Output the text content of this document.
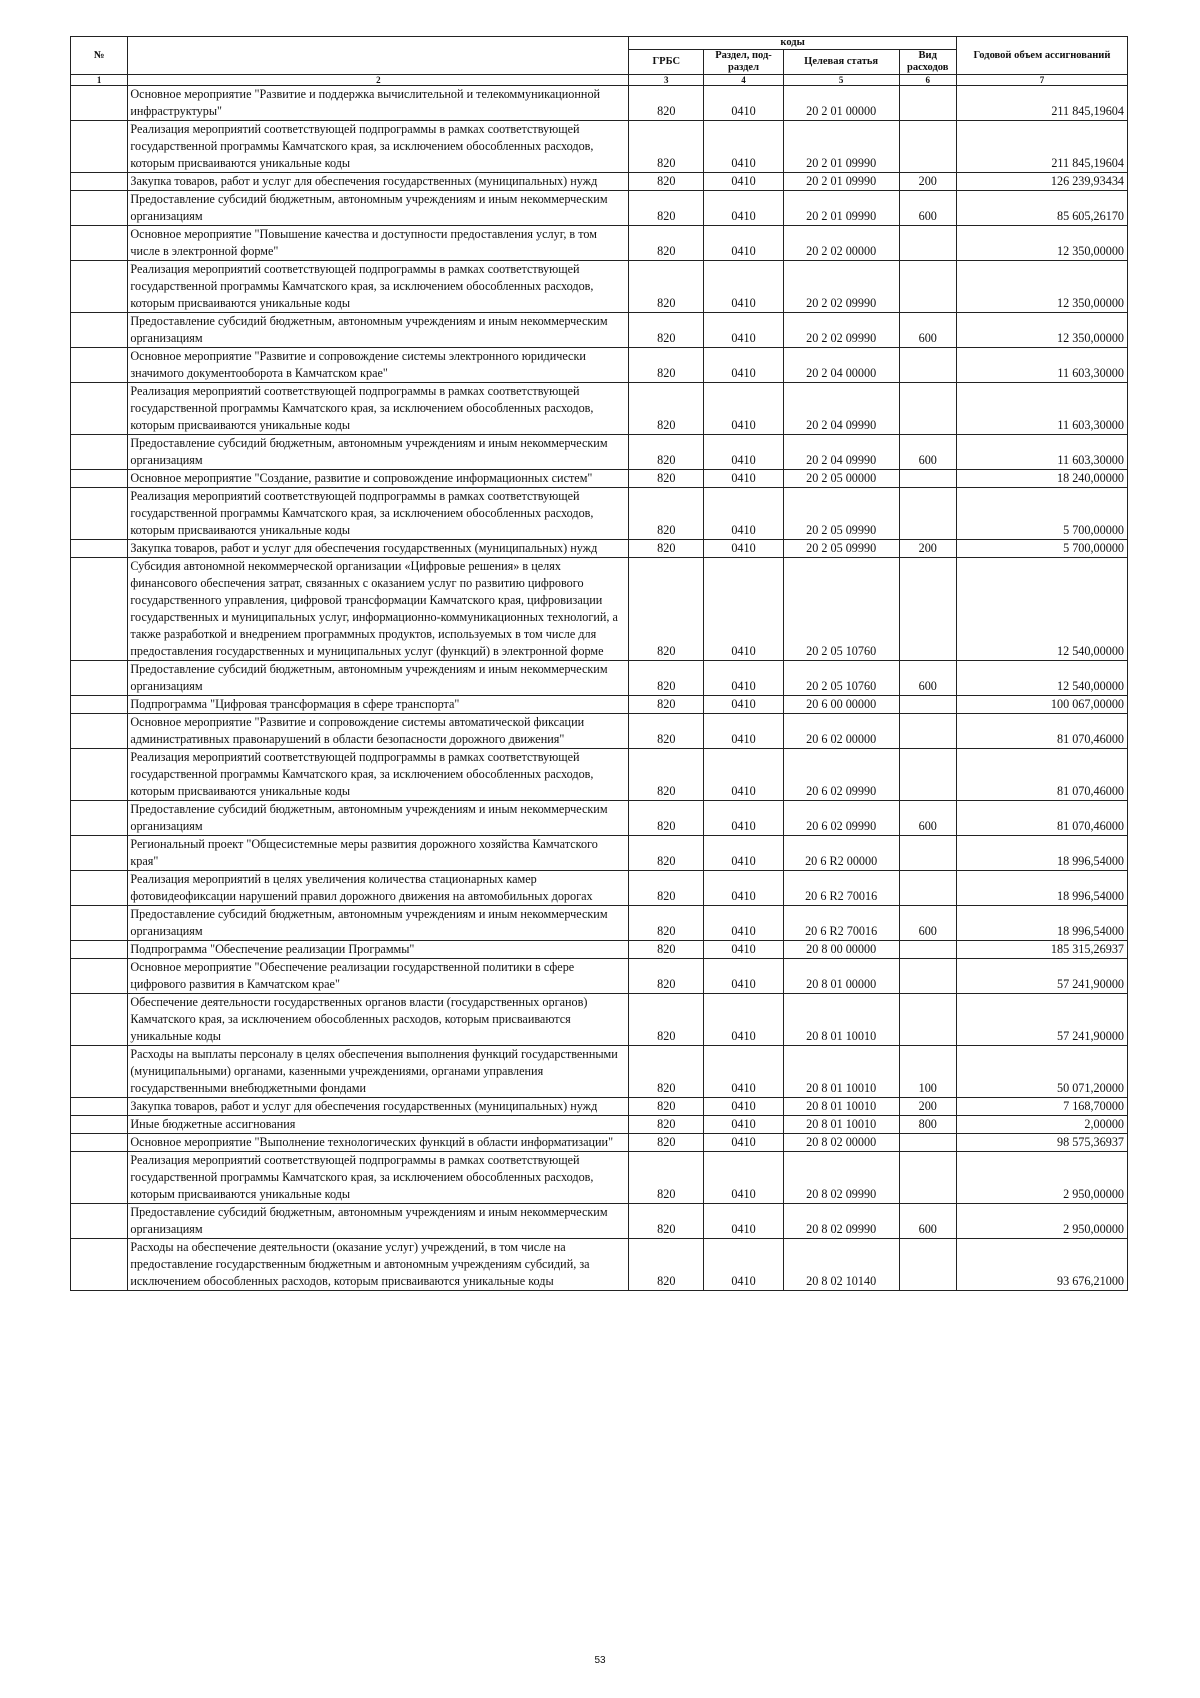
№		коды				Годовой объем ассигнований
		ГРБС	Раздел, под-раздел	Целевая статья	Вид расходов	
1	2	3	4	5	6	7
	Основное мероприятие "Развитие и поддержка вычислительной и телекоммуникационной инфраструктуры"	820	0410	20 2 01 00000		211 845,19604
	Реализация мероприятий соответствующей подпрограммы в рамках соответствующей государственной программы Камчатского края, за исключением обособленных расходов, которым присваиваются уникальные коды	820	0410	20 2 01 09990		211 845,19604
	Закупка товаров, работ и услуг для обеспечения государственных (муниципальных) нужд	820	0410	20 2 01 09990	200	126 239,93434
	Предоставление субсидий бюджетным, автономным учреждениям и иным некоммерческим организациям	820	0410	20 2 01 09990	600	85 605,26170
	Основное мероприятие "Повышение качества и доступности предоставления услуг, в том числе в электронной форме"	820	0410	20 2 02 00000		12 350,00000
	Реализация мероприятий соответствующей подпрограммы в рамках соответствующей государственной программы Камчатского края, за исключением обособленных расходов, которым присваиваются уникальные коды	820	0410	20 2 02 09990		12 350,00000
	Предоставление субсидий бюджетным, автономным учреждениям и иным некоммерческим организациям	820	0410	20 2 02 09990	600	12 350,00000
	Основное мероприятие "Развитие и сопровождение системы электронного юридически значимого документооборота в Камчатском крае"	820	0410	20 2 04 00000		11 603,30000
	Реализация мероприятий соответствующей подпрограммы в рамках соответствующей государственной программы Камчатского края, за исключением обособленных расходов, которым присваиваются уникальные коды	820	0410	20 2 04 09990		11 603,30000
	Предоставление субсидий бюджетным, автономным учреждениям и иным некоммерческим организациям	820	0410	20 2 04 09990	600	11 603,30000
	Основное мероприятие "Создание, развитие и сопровождение информационных систем"	820	0410	20 2 05 00000		18 240,00000
	Реализация мероприятий соответствующей подпрограммы в рамках соответствующей государственной программы Камчатского края, за исключением обособленных расходов, которым присваиваются уникальные коды	820	0410	20 2 05 09990		5 700,00000
	Закупка товаров, работ и услуг для обеспечения государственных (муниципальных) нужд	820	0410	20 2 05 09990	200	5 700,00000
	Субсидия автономной некоммерческой организации «Цифровые решения» в целях финансового обеспечения затрат, связанных с оказанием услуг по развитию цифрового государственного управления, цифровой трансформации Камчатского края, цифровизации государственных и муниципальных услуг, информационно-коммуникационных технологий, а также разработкой и внедрением программных продуктов, используемых в том числе для предоставления государственных и муниципальных услуг (функций) в электронной форме	820	0410	20 2 05 10760		12 540,00000
	Предоставление субсидий бюджетным, автономным учреждениям и иным некоммерческим организациям	820	0410	20 2 05 10760	600	12 540,00000
	Подпрограмма "Цифровая трансформация в сфере транспорта"	820	0410	20 6 00 00000		100 067,00000
	Основное мероприятие "Развитие и сопровождение системы автоматической фиксации административных правонарушений в области безопасности дорожного движения"	820	0410	20 6 02 00000		81 070,46000
	Реализация мероприятий соответствующей подпрограммы в рамках соответствующей государственной программы Камчатского края, за исключением обособленных расходов, которым присваиваются уникальные коды	820	0410	20 6 02 09990		81 070,46000
	Предоставление субсидий бюджетным, автономным учреждениям и иным некоммерческим организациям	820	0410	20 6 02 09990	600	81 070,46000
	Региональный проект "Общесистемные меры развития дорожного хозяйства Камчатского края"	820	0410	20 6 R2 00000		18 996,54000
	Реализация мероприятий в целях увеличения количества стационарных камер фотовидеофиксации нарушений правил дорожного движения на автомобильных дорогах	820	0410	20 6 R2 70016		18 996,54000
	Предоставление субсидий бюджетным, автономным учреждениям и иным некоммерческим организациям	820	0410	20 6 R2 70016	600	18 996,54000
	Подпрограмма "Обеспечение реализации Программы"	820	0410	20 8 00 00000		185 315,26937
	Основное мероприятие "Обеспечение реализации государственной политики в сфере цифрового развития в Камчатском крае"	820	0410	20 8 01 00000		57 241,90000
	Обеспечение деятельности государственных органов власти (государственных органов) Камчатского края, за исключением обособленных расходов, которым присваиваются уникальные коды	820	0410	20 8 01 10010		57 241,90000
	Расходы на выплаты персоналу в целях обеспечения выполнения функций государственными (муниципальными) органами, казенными учреждениями, органами управления государственными внебюджетными фондами	820	0410	20 8 01 10010	100	50 071,20000
	Закупка товаров, работ и услуг для обеспечения государственных (муниципальных) нужд	820	0410	20 8 01 10010	200	7 168,70000
	Иные бюджетные ассигнования	820	0410	20 8 01 10010	800	2,00000
	Основное мероприятие "Выполнение технологических функций в области информатизации"	820	0410	20 8 02 00000		98 575,36937
	Реализация мероприятий соответствующей подпрограммы в рамках соответствующей государственной программы Камчатского края, за исключением обособленных расходов, которым присваиваются уникальные коды	820	0410	20 8 02 09990		2 950,00000
	Предоставление субсидий бюджетным, автономным учреждениям и иным некоммерческим организациям	820	0410	20 8 02 09990	600	2 950,00000
	Расходы на обеспечение деятельности (оказание услуг) учреждений, в том числе на предоставление государственным бюджетным и автономным учреждениям субсидий, за исключением обособленных расходов, которым присваиваются уникальные коды	820	0410	20 8 02 10140		93 676,21000
53
